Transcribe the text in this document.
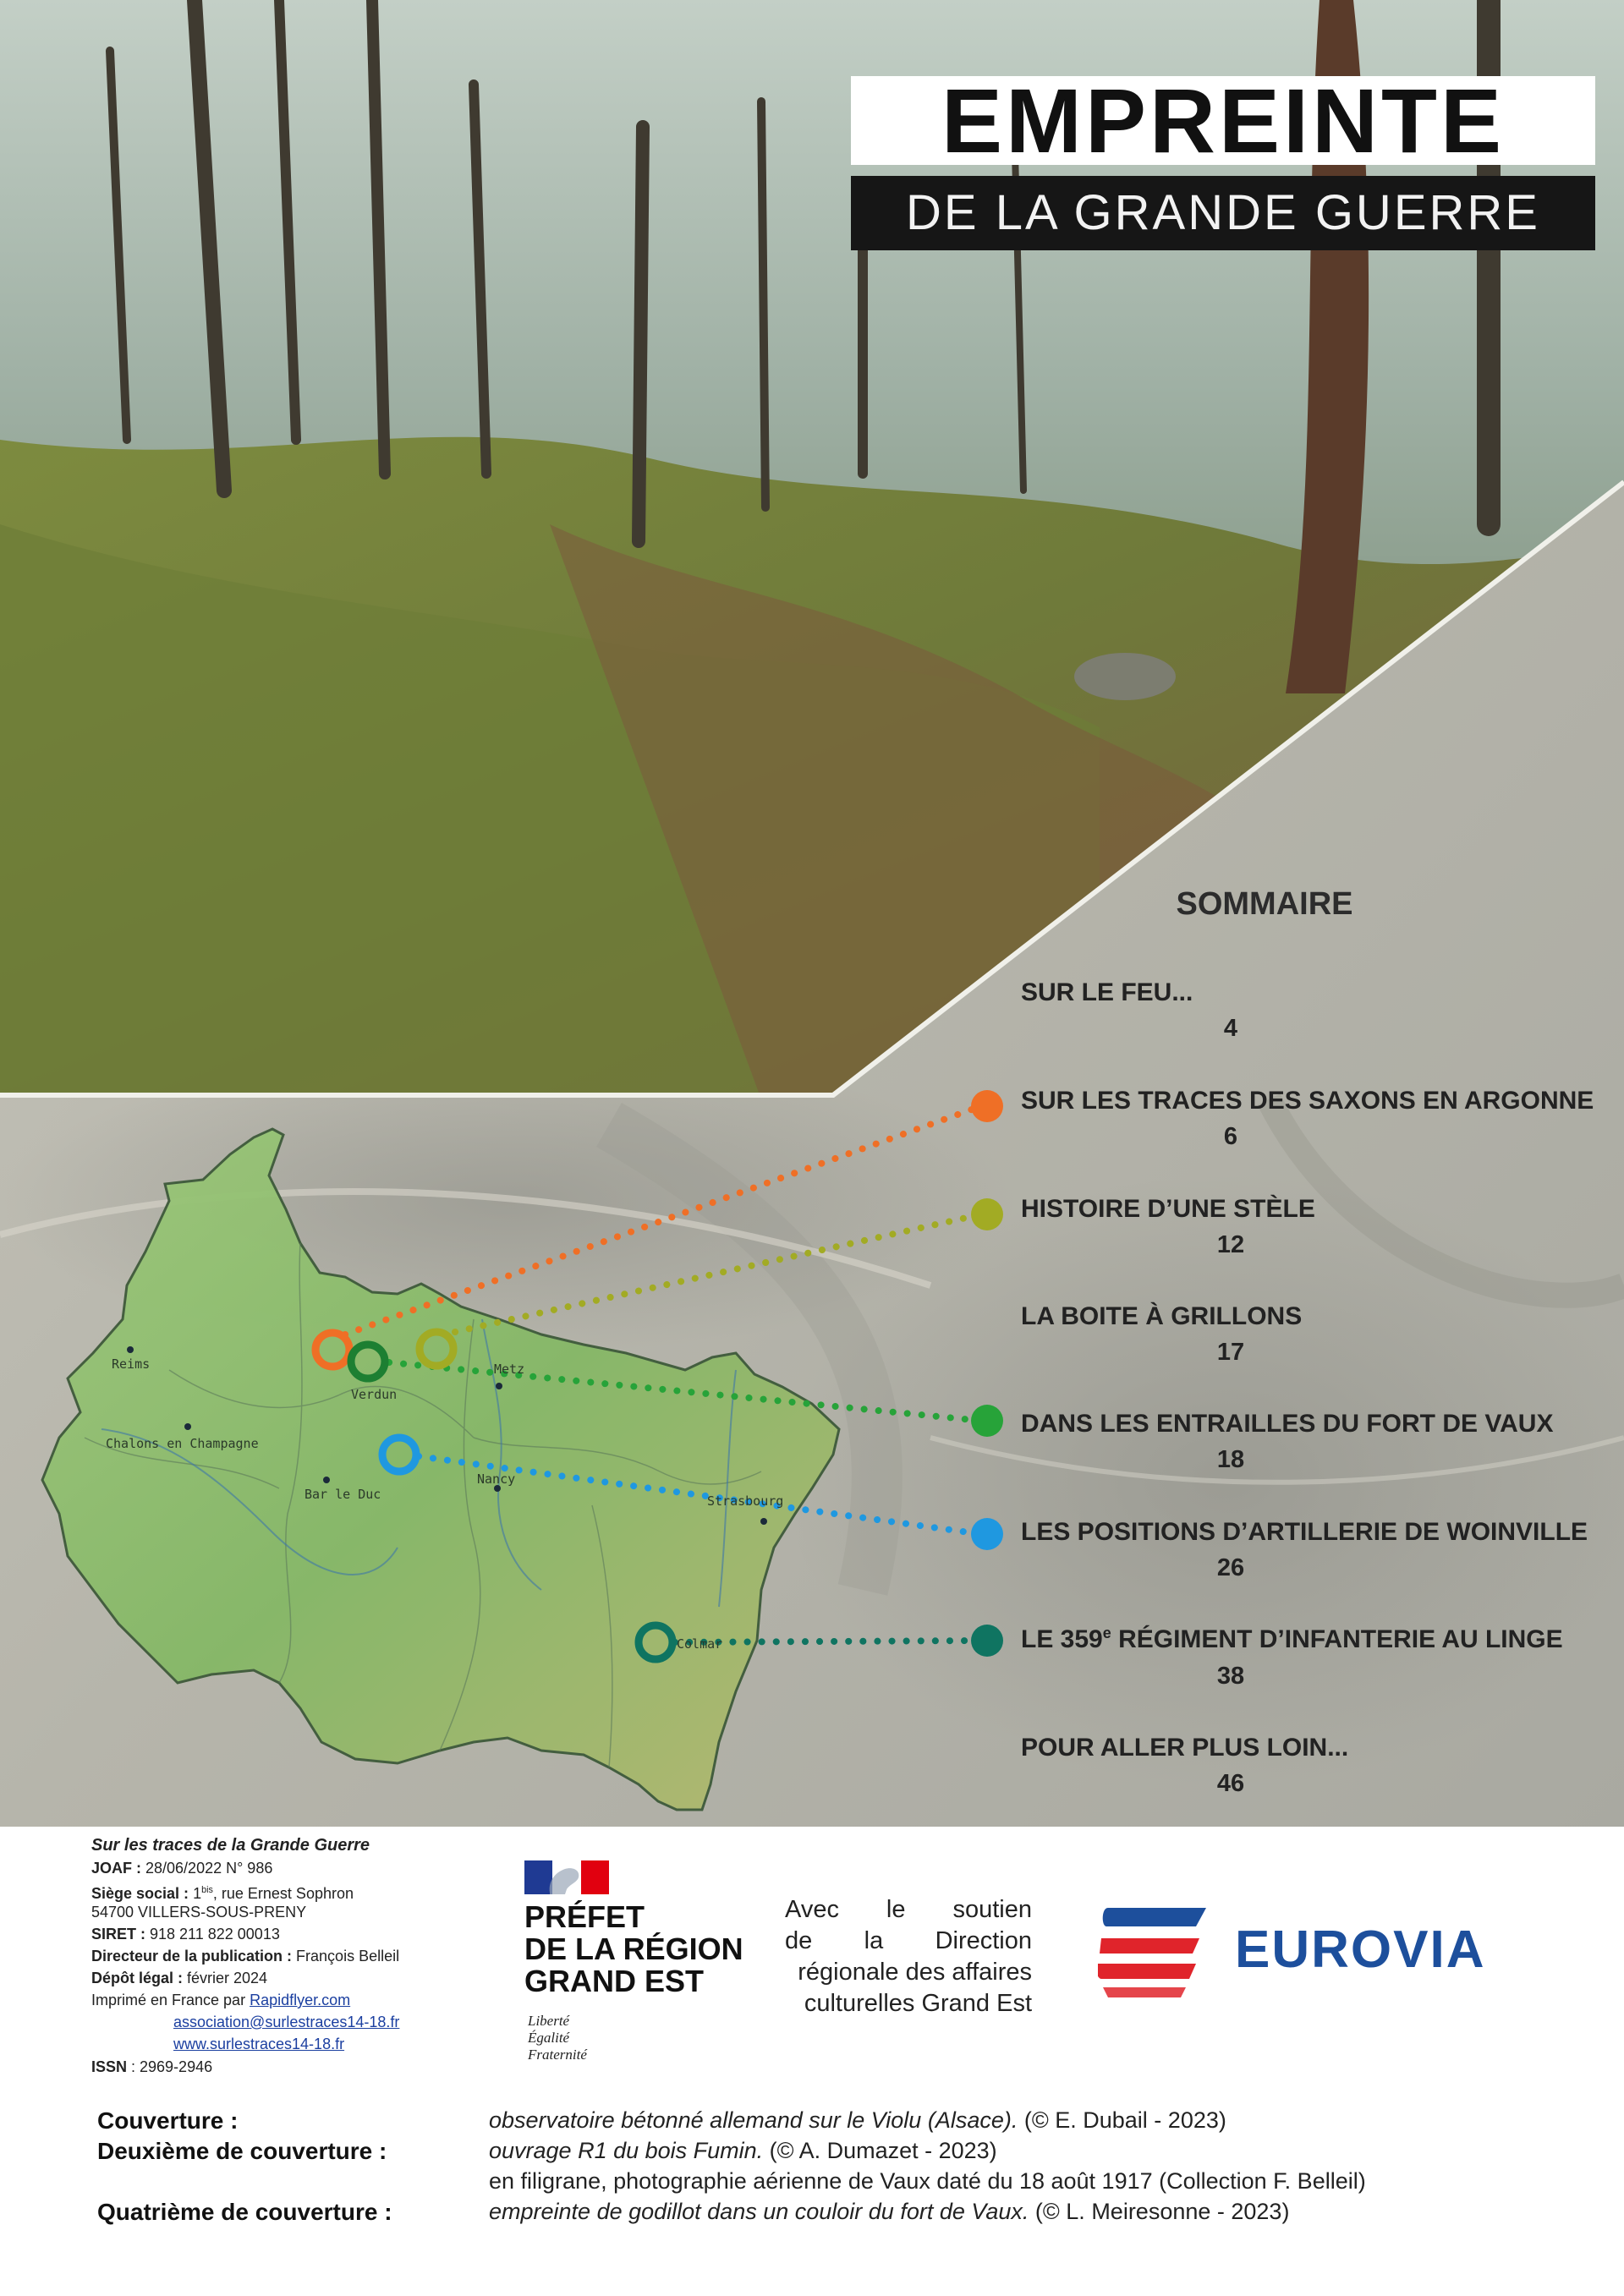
Reims
Chalons en Champagne
Verdun
Metz
Bar le Duc
Nancy
Strasbourg
Colmar
EMPREINTE
DE LA GRANDE GUERRE
SOMMAIRE
SUR LE FEU...
4
SUR LES TRACES DES SAXONS EN ARGONNE
6
HISTOIRE D’UNE STÈLE
12
LA BOITE À GRILLONS
17
DANS LES ENTRAILLES DU FORT DE VAUX
18
LES POSITIONS D’ARTILLERIE DE WOINVILLE
26
LE 359e RÉGIMENT D’INFANTERIE AU LINGE
38
POUR ALLER PLUS LOIN...
46
Sur les traces de la Grande Guerre
JOAF : 28/06/2022 N° 986
Siège social : $1^{bis}$, rue Ernest Sophron
54700 VILLERS-SOUS-PRENY
SIRET : 918 211 822 00013
Directeur de la publication : François Belleil
Dépôt légal : février 2024
Imprimé en France par Rapidflyer.com
association@surlestraces14-18.fr
www.surlestraces14-18.fr
ISSN : 2969-2946
PRÉFET
DE LA RÉGION
GRAND EST
Liberté
Égalité
Fraternité
Avec le soutien
de la Direction
régionale des affaires
culturelles Grand Est
EUROVIA
Couverture :	observatoire bétonné allemand sur le Violu (Alsace). (© E. Dubail - 2023)
Deuxième de couverture :	ouvrage R1 du bois Fumin. (© A. Dumazet - 2023)
en filigrane, photographie aérienne de Vaux daté du 18 août 1917 (Collection F. Belleil)
Quatrième de couverture :	empreinte de godillot dans un couloir du fort de Vaux. (© L. Meiresonne - 2023)
